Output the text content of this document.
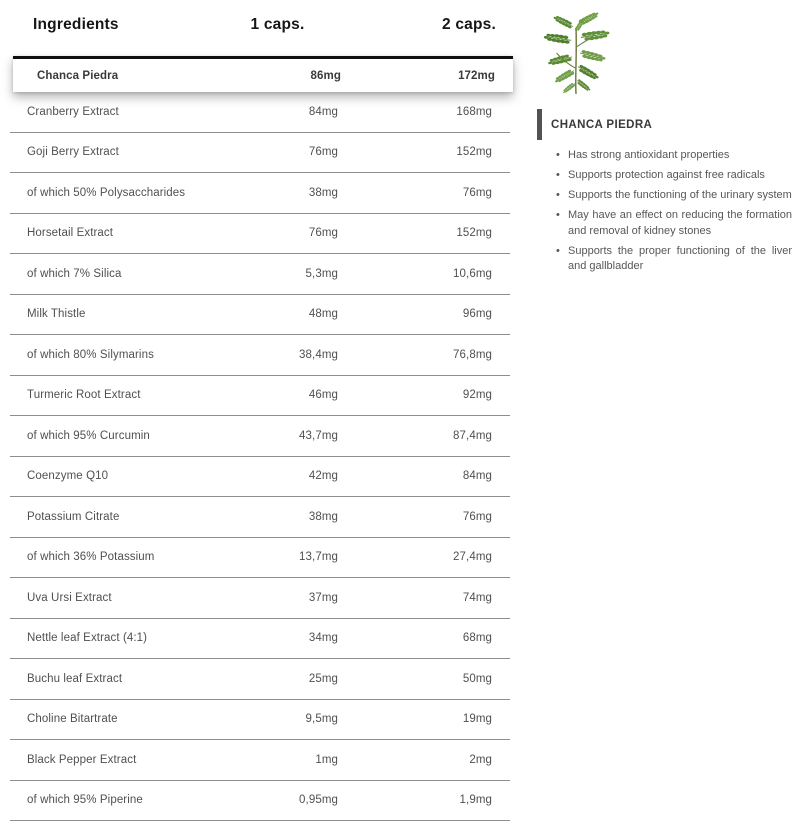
Ingredients	1 caps.	2 caps.
Chanca Piedra	86mg	172mg
Cranberry Extract	84mg	168mg
Goji Berry Extract	76mg	152mg
of which 50% Polysaccharides	38mg	76mg
Horsetail Extract	76mg	152mg
of which 7% Silica	5,3mg	10,6mg
Milk Thistle	48mg	96mg
of which 80% Silymarins	38,4mg	76,8mg
Turmeric Root Extract	46mg	92mg
of which 95% Curcumin	43,7mg	87,4mg
Coenzyme Q10	42mg	84mg
Potassium Citrate	38mg	76mg
of which 36% Potassium	13,7mg	27,4mg
Uva Ursi Extract	37mg	74mg
Nettle leaf Extract (4:1)	34mg	68mg
Buchu leaf Extract	25mg	50mg
Choline Bitartrate	9,5mg	19mg
Black Pepper Extract	1mg	2mg
of which 95% Piperine	0,95mg	1,9mg
CHANCA PIEDRA
• Has strong antioxidant properties
• Supports protection against free radicals
• Supports the functioning of the urinary system
• May have an effect on reducing the formation and removal of kidney stones
• Supports the proper functioning of the liver and gallbladder
